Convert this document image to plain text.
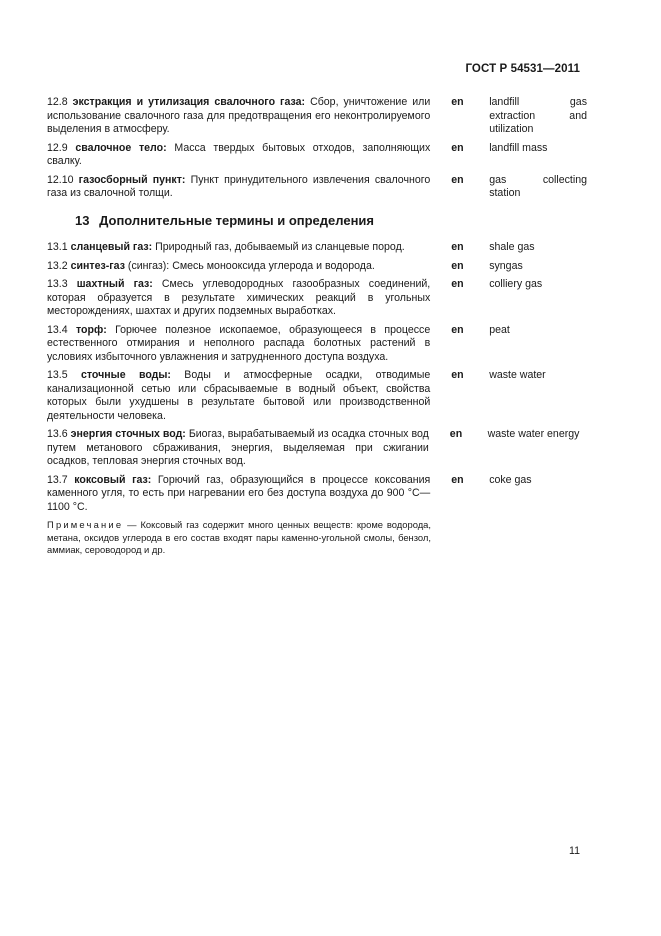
ГОСТ Р 54531—2011
12.8 экстракция и утилизация свалочного газа: Сбор, уничтожение или использование свалочного газа для предотвращения его неконтролируемого выделения в атмосферу.
en	landfill gas extraction and utilization
12.9 свалочное тело: Масса твердых бытовых отходов, заполняющих свалку.
en	landfill mass
12.10 газосборный пункт: Пункт принудительного извлечения свалочного газа из свалочной толщи.
en	gas collecting station
13 Дополнительные термины и определения
13.1 сланцевый газ: Природный газ, добываемый из сланцевые пород.	en	shale gas
13.2 синтез-газ (сингаз): Смесь монооксида углерода и водорода.	en	syngas
13.3 шахтный газ: Смесь углеводородных газообразных соединений, которая образуется в результате химических реакций в угольных месторождениях, шахтах и других подземных выработках.
en	colliery gas
13.4 торф: Горючее полезное ископаемое, образующееся в процессе естественного отмирания и неполного распада болотных растений в условиях избыточного увлажнения и затрудненного доступа воздуха.
en	peat
13.5 сточные воды: Воды и атмосферные осадки, отводимые канализационной сетью или сбрасываемые в водный объект, свойства которых были ухудшены в результате бытовой или производственной деятельности человека.
en	waste water
13.6 энергия сточных вод: Биогаз, вырабатываемый из осадка сточных вод путем метанового сбраживания, энергия, выделяемая при сжигании осадков, тепловая энергия сточных вод.
en	waste water energy
13.7 коксовый газ: Горючий газ, образующийся в процессе коксования каменного угля, то есть при нагревании его без доступа воздуха до 900 °С—1100 °С.
en	coke gas
Примечание — Коксовый газ содержит много ценных веществ: кроме водорода, метана, оксидов углерода в его состав входят пары каменно-угольной смолы, бензол, аммиак, сероводород и др.
11
